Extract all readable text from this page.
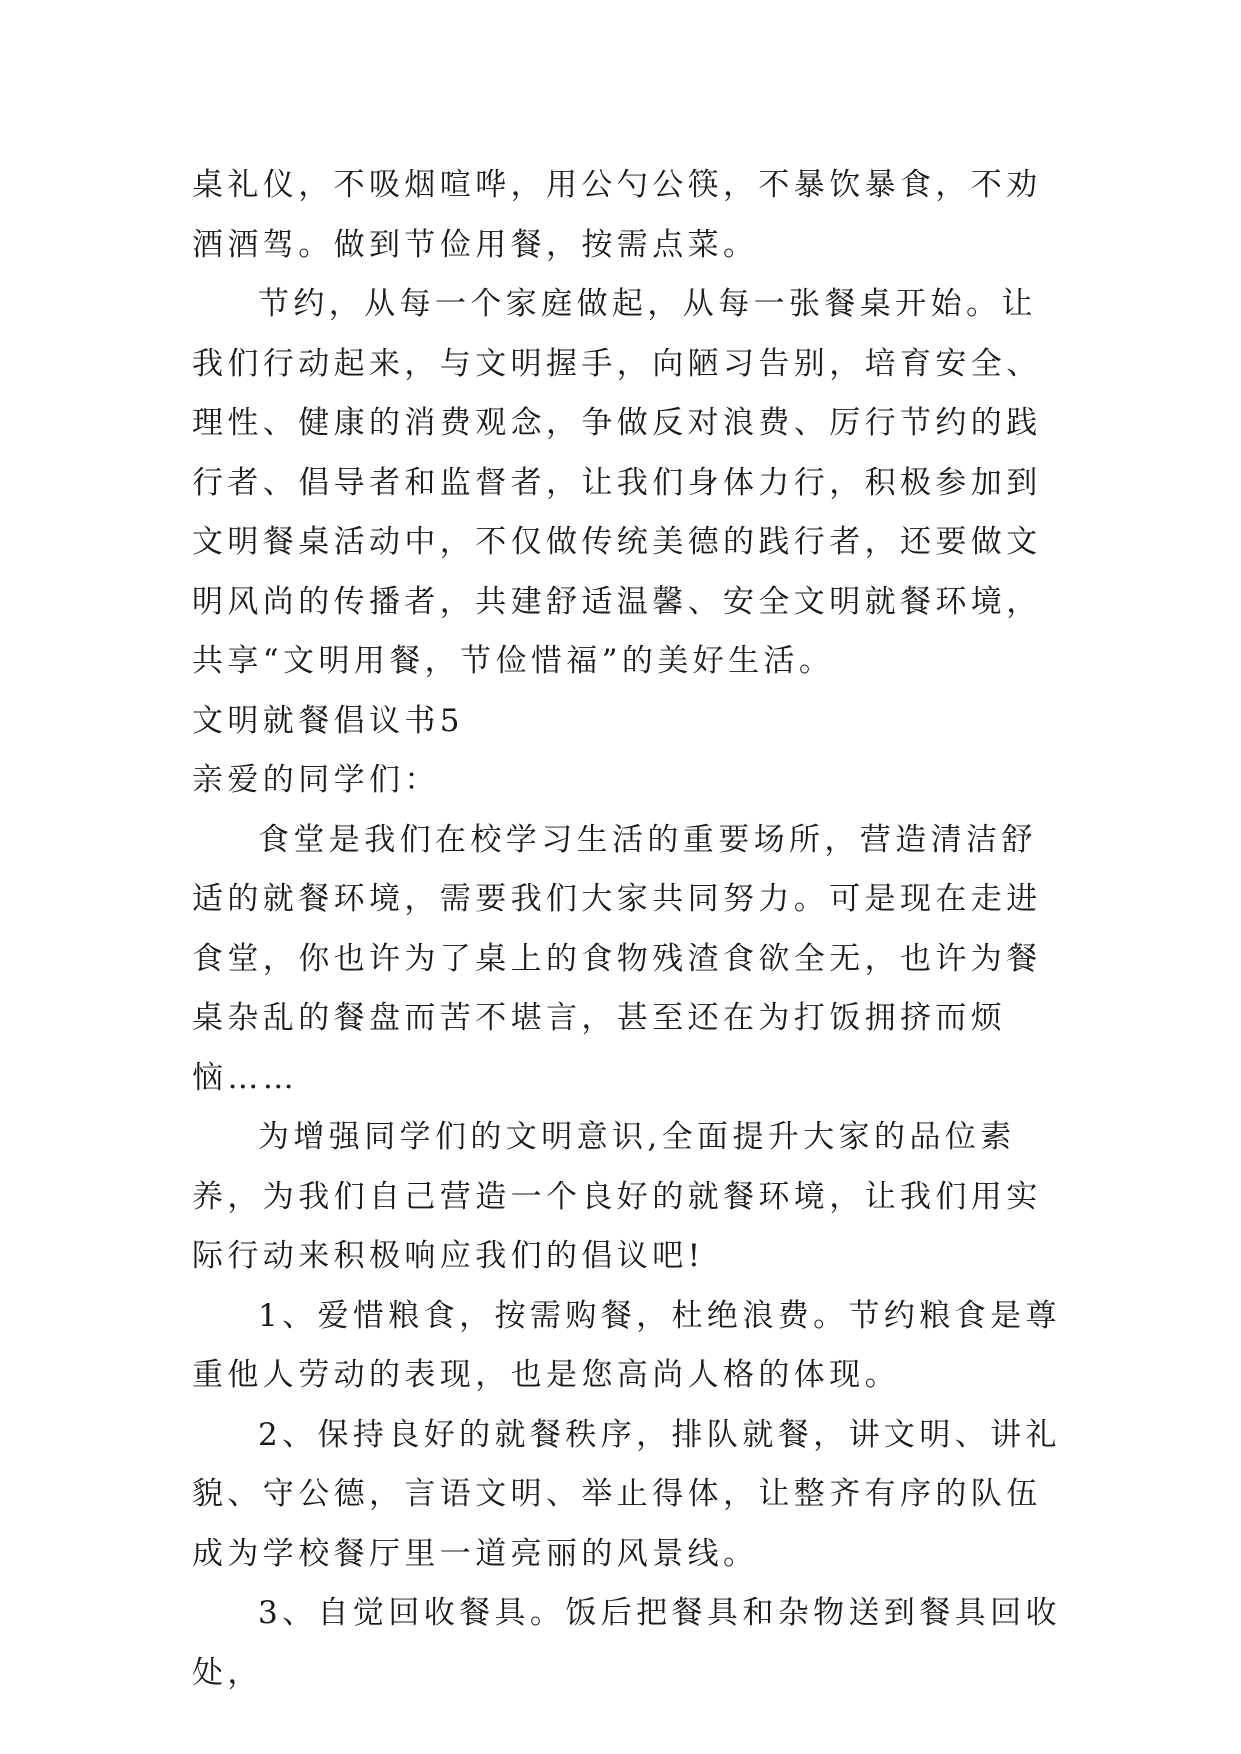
桌礼仪，不吸烟喧哗，用公勺公筷，不暴饮暴食，不劝酒酒驾。做到节俭用餐，按需点菜。

节约，从每一个家庭做起，从每一张餐桌开始。让我们行动起来，与文明握手，向陋习告别，培育安全、理性、健康的消费观念，争做反对浪费、厉行节约的践行者、倡导者和监督者，让我们身体力行，积极参加到文明餐桌活动中，不仅做传统美德的践行者，还要做文明风尚的传播者，共建舒适温馨、安全文明就餐环境，共享“文明用餐，节俭惜福”的美好生活。

文明就餐倡议书5

亲爱的同学们：

食堂是我们在校学习生活的重要场所，营造清洁舒适的就餐环境，需要我们大家共同努力。可是现在走进食堂，你也许为了桌上的食物残渣食欲全无，也许为餐桌杂乱的餐盘而苦不堪言，甚至还在为打饭拥挤而烦恼……

为增强同学们的文明意识,全面提升大家的品位素养，为我们自己营造一个良好的就餐环境，让我们用实际行动来积极响应我们的倡议吧!

1、爱惜粮食，按需购餐，杜绝浪费。节约粮食是尊重他人劳动的表现，也是您高尚人格的体现。

2、保持良好的就餐秩序，排队就餐，讲文明、讲礼貌、守公德，言语文明、举止得体，让整齐有序的队伍成为学校餐厅里一道亮丽的风景线。

3、自觉回收餐具。饭后把餐具和杂物送到餐具回收处，
